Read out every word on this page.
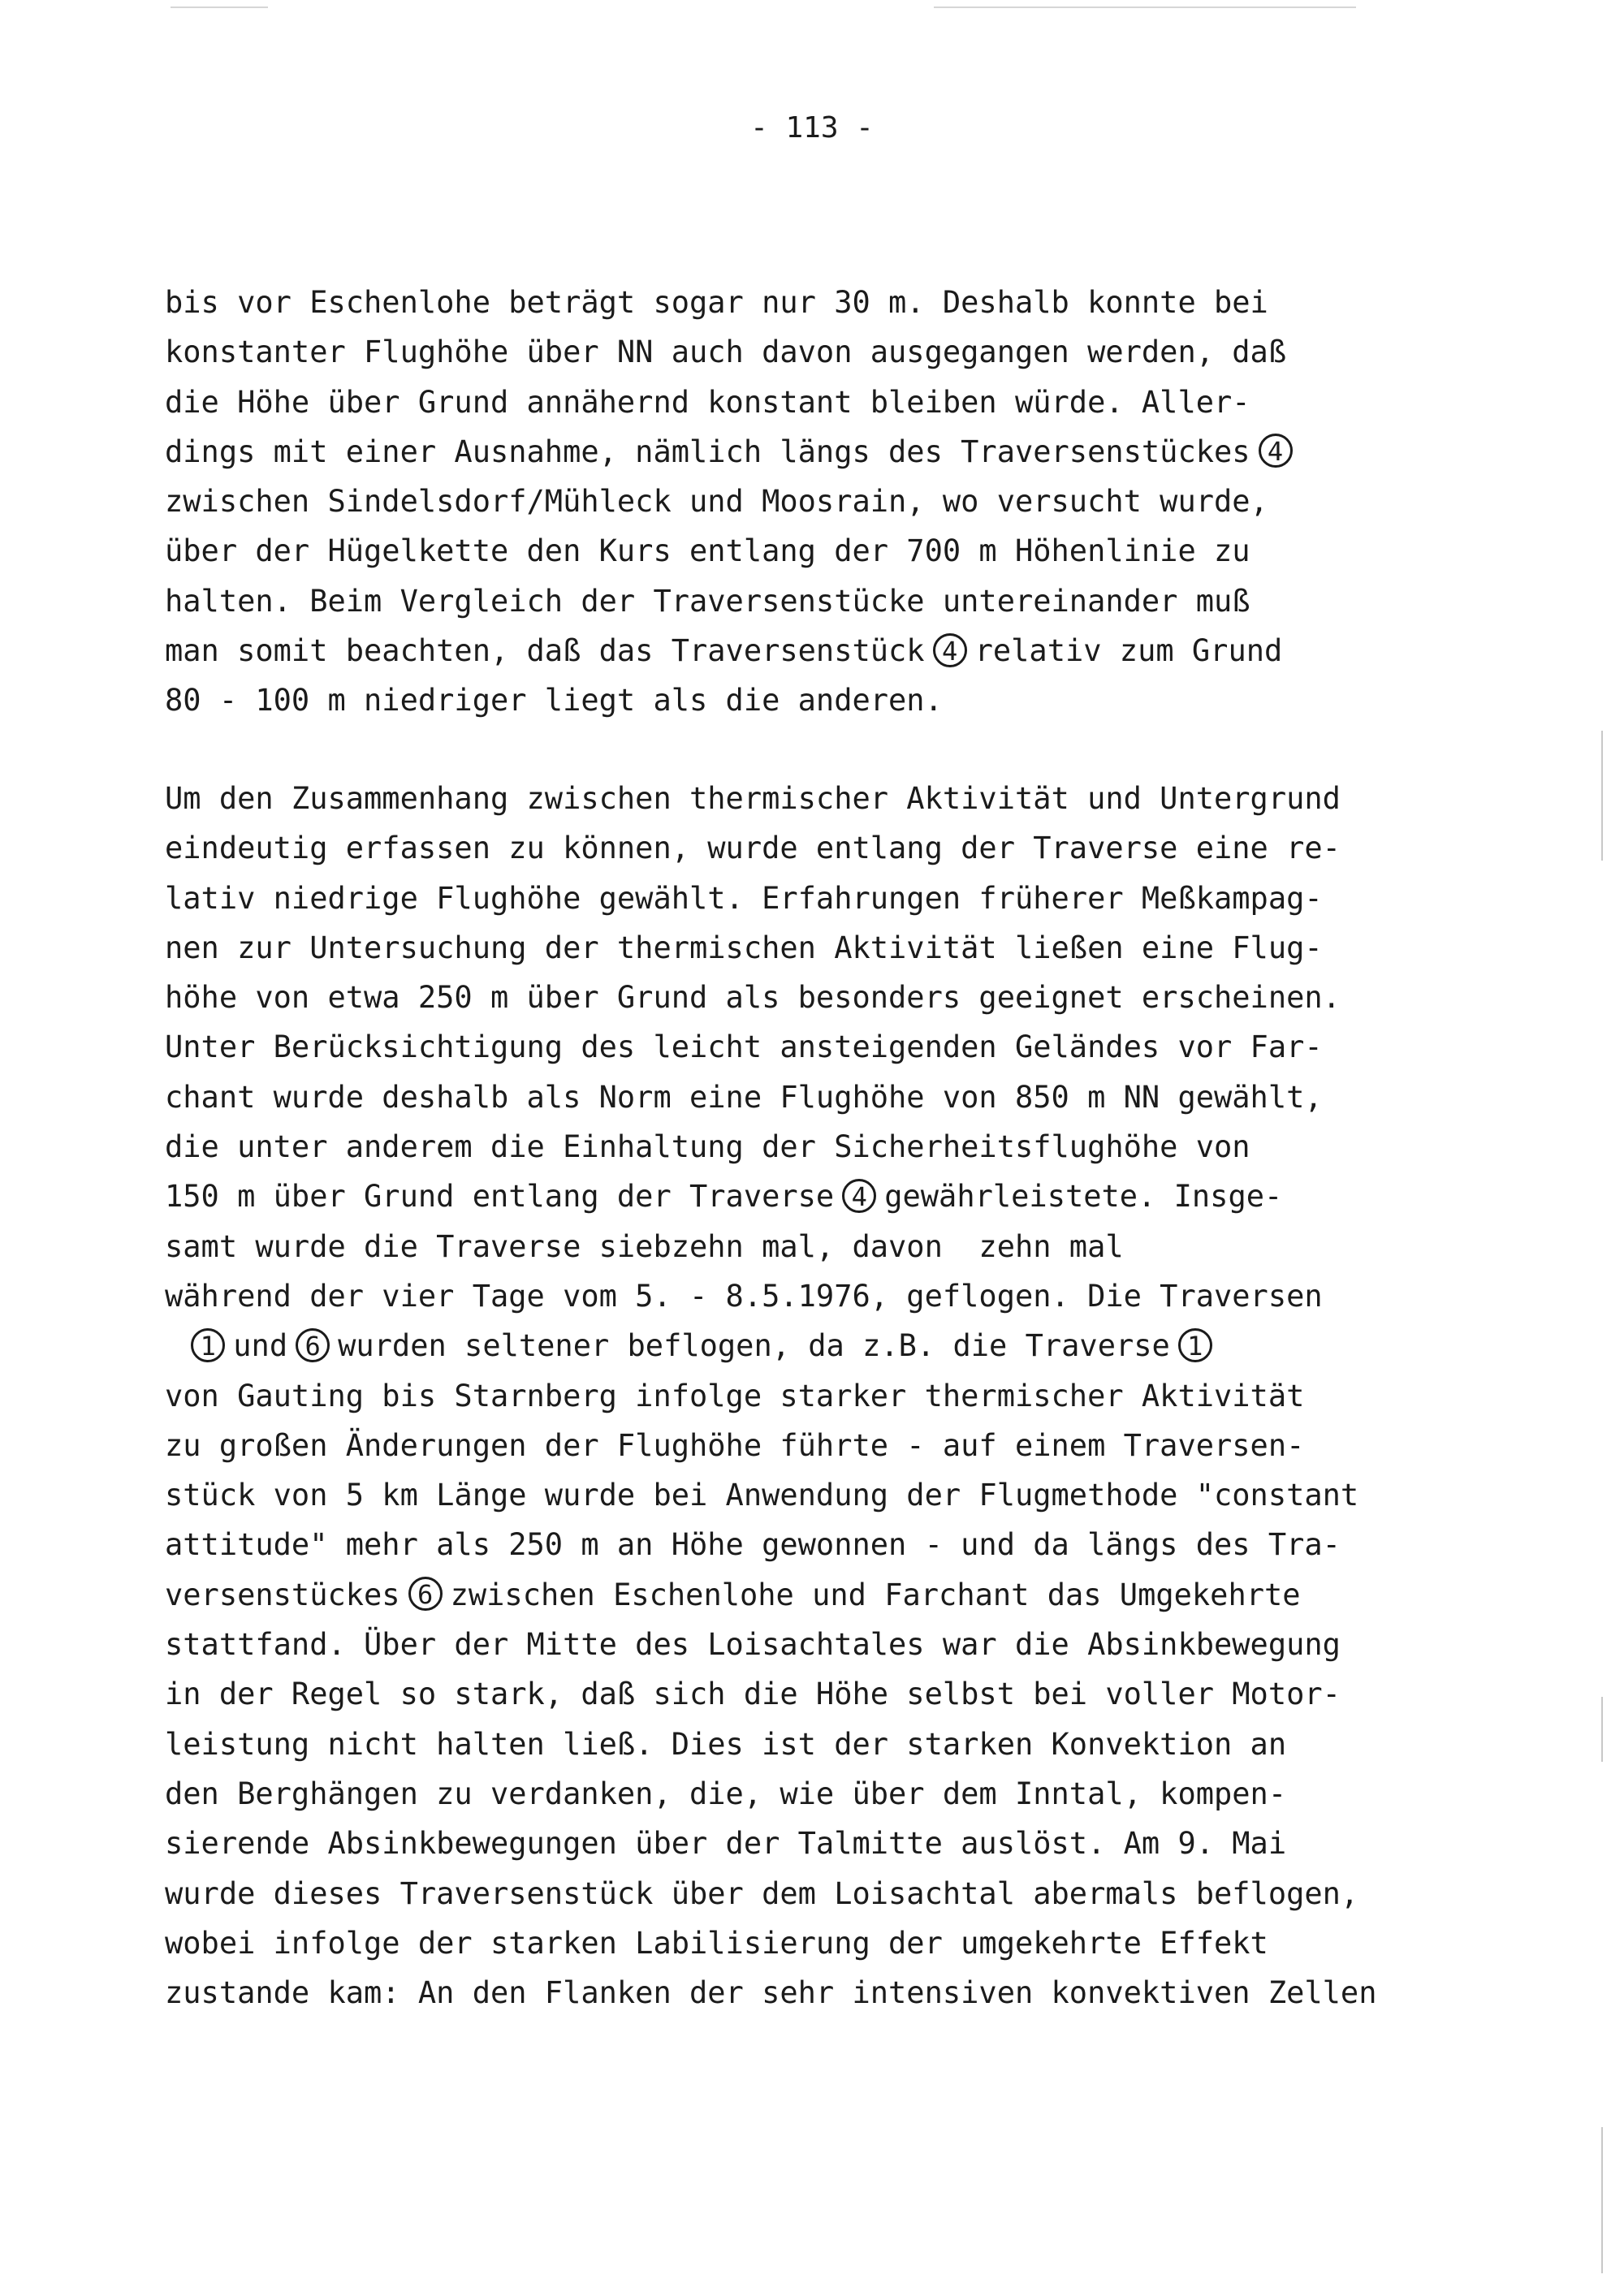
- 113 -
bis vor Eschenlohe beträgt sogar nur 30 m. Deshalb konnte bei
konstanter Flughöhe über NN auch davon ausgegangen werden, daß
die Höhe über Grund annähernd konstant bleiben würde. Aller-
dings mit einer Ausnahme, nämlich längs des Traversenstückes 4
zwischen Sindelsdorf/Mühleck und Moosrain, wo versucht wurde,
über der Hügelkette den Kurs entlang der 700 m Höhenlinie zu
halten. Beim Vergleich der Traversenstücke untereinander muß
man somit beachten, daß das Traversenstück 4 relativ zum Grund
80 - 100 m niedriger liegt als die anderen.
Um den Zusammenhang zwischen thermischer Aktivität und Untergrund
eindeutig erfassen zu können, wurde entlang der Traverse eine re-
lativ niedrige Flughöhe gewählt. Erfahrungen früherer Meßkampag-
nen zur Untersuchung der thermischen Aktivität ließen eine Flug-
höhe von etwa 250 m über Grund als besonders geeignet erscheinen.
Unter Berücksichtigung des leicht ansteigenden Geländes vor Far-
chant wurde deshalb als Norm eine Flughöhe von 850 m NN gewählt,
die unter anderem die Einhaltung der Sicherheitsflughöhe von
150 m über Grund entlang der Traverse 4 gewährleistete. Insge-
samt wurde die Traverse siebzehn mal, davon  zehn mal
während der vier Tage vom 5. - 8.5.1976, geflogen. Die Traversen
1 und 6 wurden seltener beflogen, da z.B. die Traverse 1
von Gauting bis Starnberg infolge starker thermischer Aktivität
zu großen Änderungen der Flughöhe führte - auf einem Traversen-
stück von 5 km Länge wurde bei Anwendung der Flugmethode "constant
attitude" mehr als 250 m an Höhe gewonnen - und da längs des Tra-
versenstückes 6 zwischen Eschenlohe und Farchant das Umgekehrte
stattfand. Über der Mitte des Loisachtales war die Absinkbewegung
in der Regel so stark, daß sich die Höhe selbst bei voller Motor-
leistung nicht halten ließ. Dies ist der starken Konvektion an
den Berghängen zu verdanken, die, wie über dem Inntal, kompen-
sierende Absinkbewegungen über der Talmitte auslöst. Am 9. Mai
wurde dieses Traversenstück über dem Loisachtal abermals beflogen,
wobei infolge der starken Labilisierung der umgekehrte Effekt
zustande kam: An den Flanken der sehr intensiven konvektiven Zellen
